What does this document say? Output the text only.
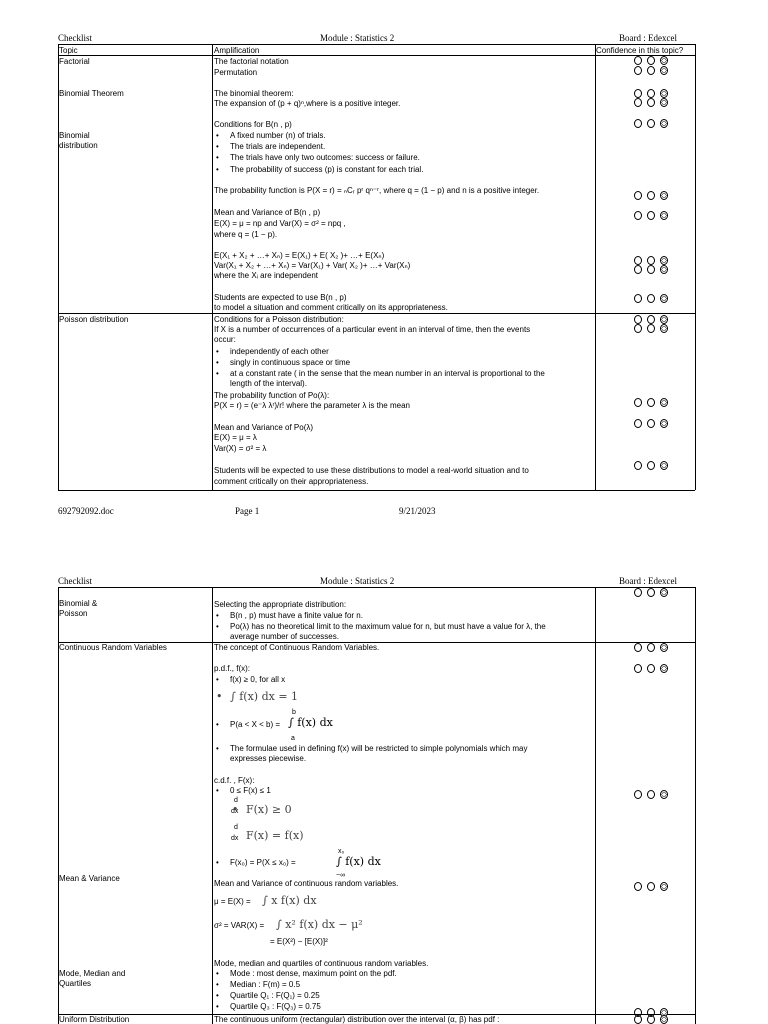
Checklist	Module : Statistics 2	Board : Edexcel
Topic	Amplification	Confidence in this topic?
Factorial
Binomial Theorem
Binomial
distribution
Poisson distribution
The factorial notation
Permutation
The binomial theorem:
The expansion of (p + q)ⁿ,where is a positive integer.
Conditions for B(n , p)
• A fixed number (n) of trials.
• The trials are independent.
• The trials have only two outcomes: success or failure.
• The probability of success (p) is constant for each trial.
The probability function is P(X = r) = ₙCᵣ pʳ qⁿ⁻ʳ, where q = (1 − p) and n is a positive integer.
Mean and Variance of B(n , p)
E(X) = μ = np and Var(X) = σ² = npq ,
where q = (1 − p).
E(X₁ + X₂ + …+ Xₙ) = E(X₁) + E( X₂ )+ …+ E(Xₙ)
Var(X₁ + X₂ + …+ Xₙ) = Var(X₁) + Var( X₂ )+ …+ Var(Xₙ)
where the Xᵢ are independent
Students are expected to use B(n , p)
to model a situation and comment critically on its appropriateness.
Conditions for a Poisson distribution:
If X is a number of occurrences of a particular event in an interval of time, then the events
occur:
• independently of each other
• singly in continuous space or time
• at a constant rate ( in the sense that the mean number in an interval is proportional to the
length of the interval).
The probability function of Po(λ):
P(X = r) = (e⁻λ λʳ)/r! where the parameter λ is the mean
Mean and Variance of Po(λ)
E(X) = μ = λ
Var(X) = σ² = λ
Students will be expected to use these distributions to model a real-world situation and to
comment critically on their appropriateness.
692792092.doc	Page 1	9/21/2023
Checklist	Module : Statistics 2	Board : Edexcel
Binomial &
Poisson
Continuous Random Variables
Mean & Variance
Mode, Median and
Quartiles
Uniform Distribution
Selecting the appropriate distribution:
• B(n , p) must have a finite value for n.
• Po(λ) has no theoretical limit to the maximum value for n, but must have a value for λ, the
average number of successes.
The concept of Continuous Random Variables.
p.d.f., f(x):
• f(x) ≥ 0, for all x
• ∫ f(x) dx = 1
• P(a < X < b) =
b
∫ f(x) dx
a
• The formulae used in defining f(x) will be restricted to simple polynomials which may
expresses piecewise.
c.d.f. , F(x):
• 0 ≤ F(x) ≤ 1
d
dx
• F(x) ≥ 0
d
dx F(x) = f(x)
• F(x₀) = P(X ≤ x₀) =
x₀
∫ f(x) dx
−∞
Mean and Variance of continuous random variables.
μ = E(X) = ∫ x f(x) dx
σ² = VAR(X) = ∫ x² f(x) dx − μ²
= E(X²) − [E(X)]²
Mode, median and quartiles of continuous random variables.
• Mode : most dense, maximum point on the pdf.
• Median : F(m) = 0.5
• Quartile Q₁ : F(Q₁) = 0.25
• Quartile Q₃ : F(Q₃) = 0.75
The continuous uniform (rectangular) distribution over the interval (α, β) has pdf :
